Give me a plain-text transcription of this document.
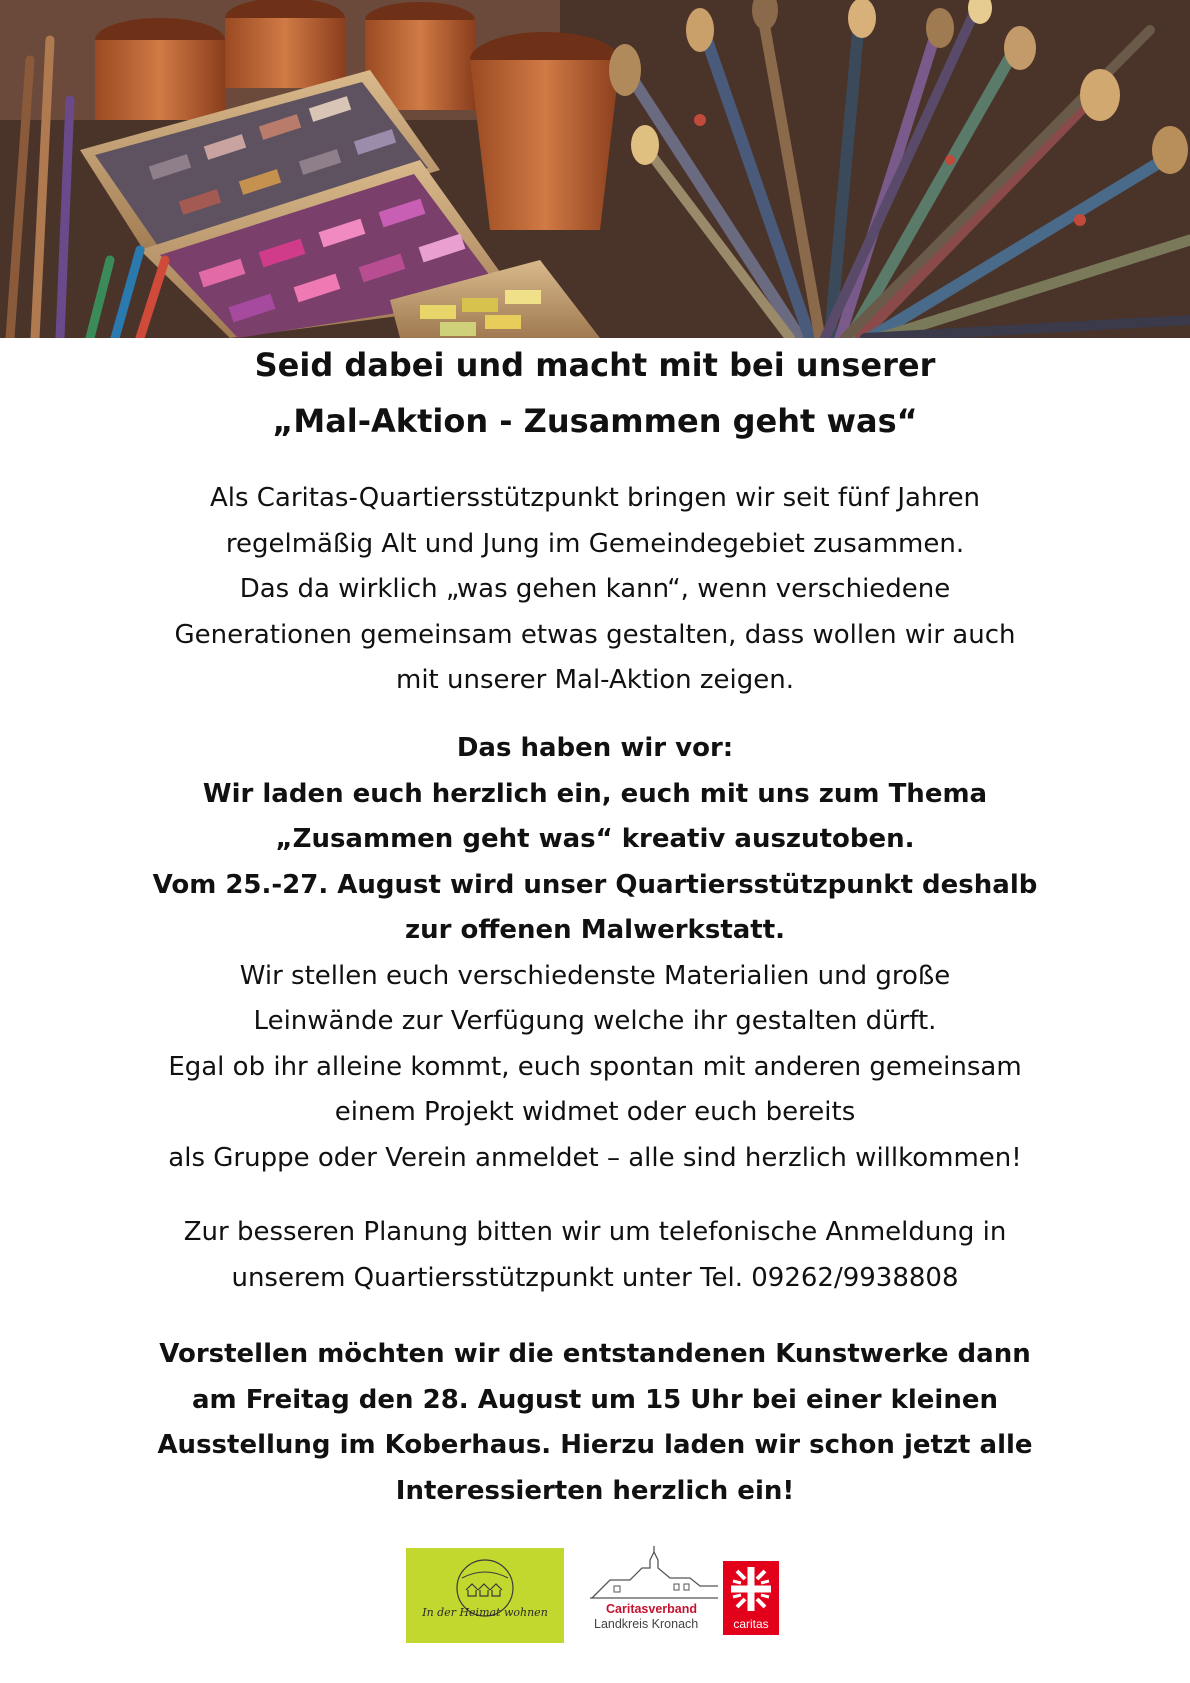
Seid dabei und macht mit bei unserer
„Mal-Aktion - Zusammen geht was“
Als Caritas-Quartiersstützpunkt bringen wir seit fünf Jahren
regelmäßig Alt und Jung im Gemeindegebiet zusammen.
Das da wirklich „was gehen kann“, wenn verschiedene
Generationen gemeinsam etwas gestalten, dass wollen wir auch
mit unserer Mal-Aktion zeigen.
Das haben wir vor:
Wir laden euch herzlich ein, euch mit uns zum Thema
„Zusammen geht was“ kreativ auszutoben.
Vom 25.-27. August wird unser Quartiersstützpunkt deshalb
zur offenen Malwerkstatt.
Wir stellen euch verschiedenste Materialien und große
Leinwände zur Verfügung welche ihr gestalten dürft.
Egal ob ihr alleine kommt, euch spontan mit anderen gemeinsam
einem Projekt widmet oder euch bereits
als Gruppe oder Verein anmeldet – alle sind herzlich willkommen!
Zur besseren Planung bitten wir um telefonische Anmeldung in
unserem Quartiersstützpunkt unter Tel. 09262/9938808
Vorstellen möchten wir die entstandenen Kunstwerke dann
am Freitag den 28. August um 15 Uhr bei einer kleinen
Ausstellung im Koberhaus. Hierzu laden wir schon jetzt alle
Interessierten herzlich ein!
In der Heimat wohnen	Caritasverband
Landkreis Kronach	caritas
